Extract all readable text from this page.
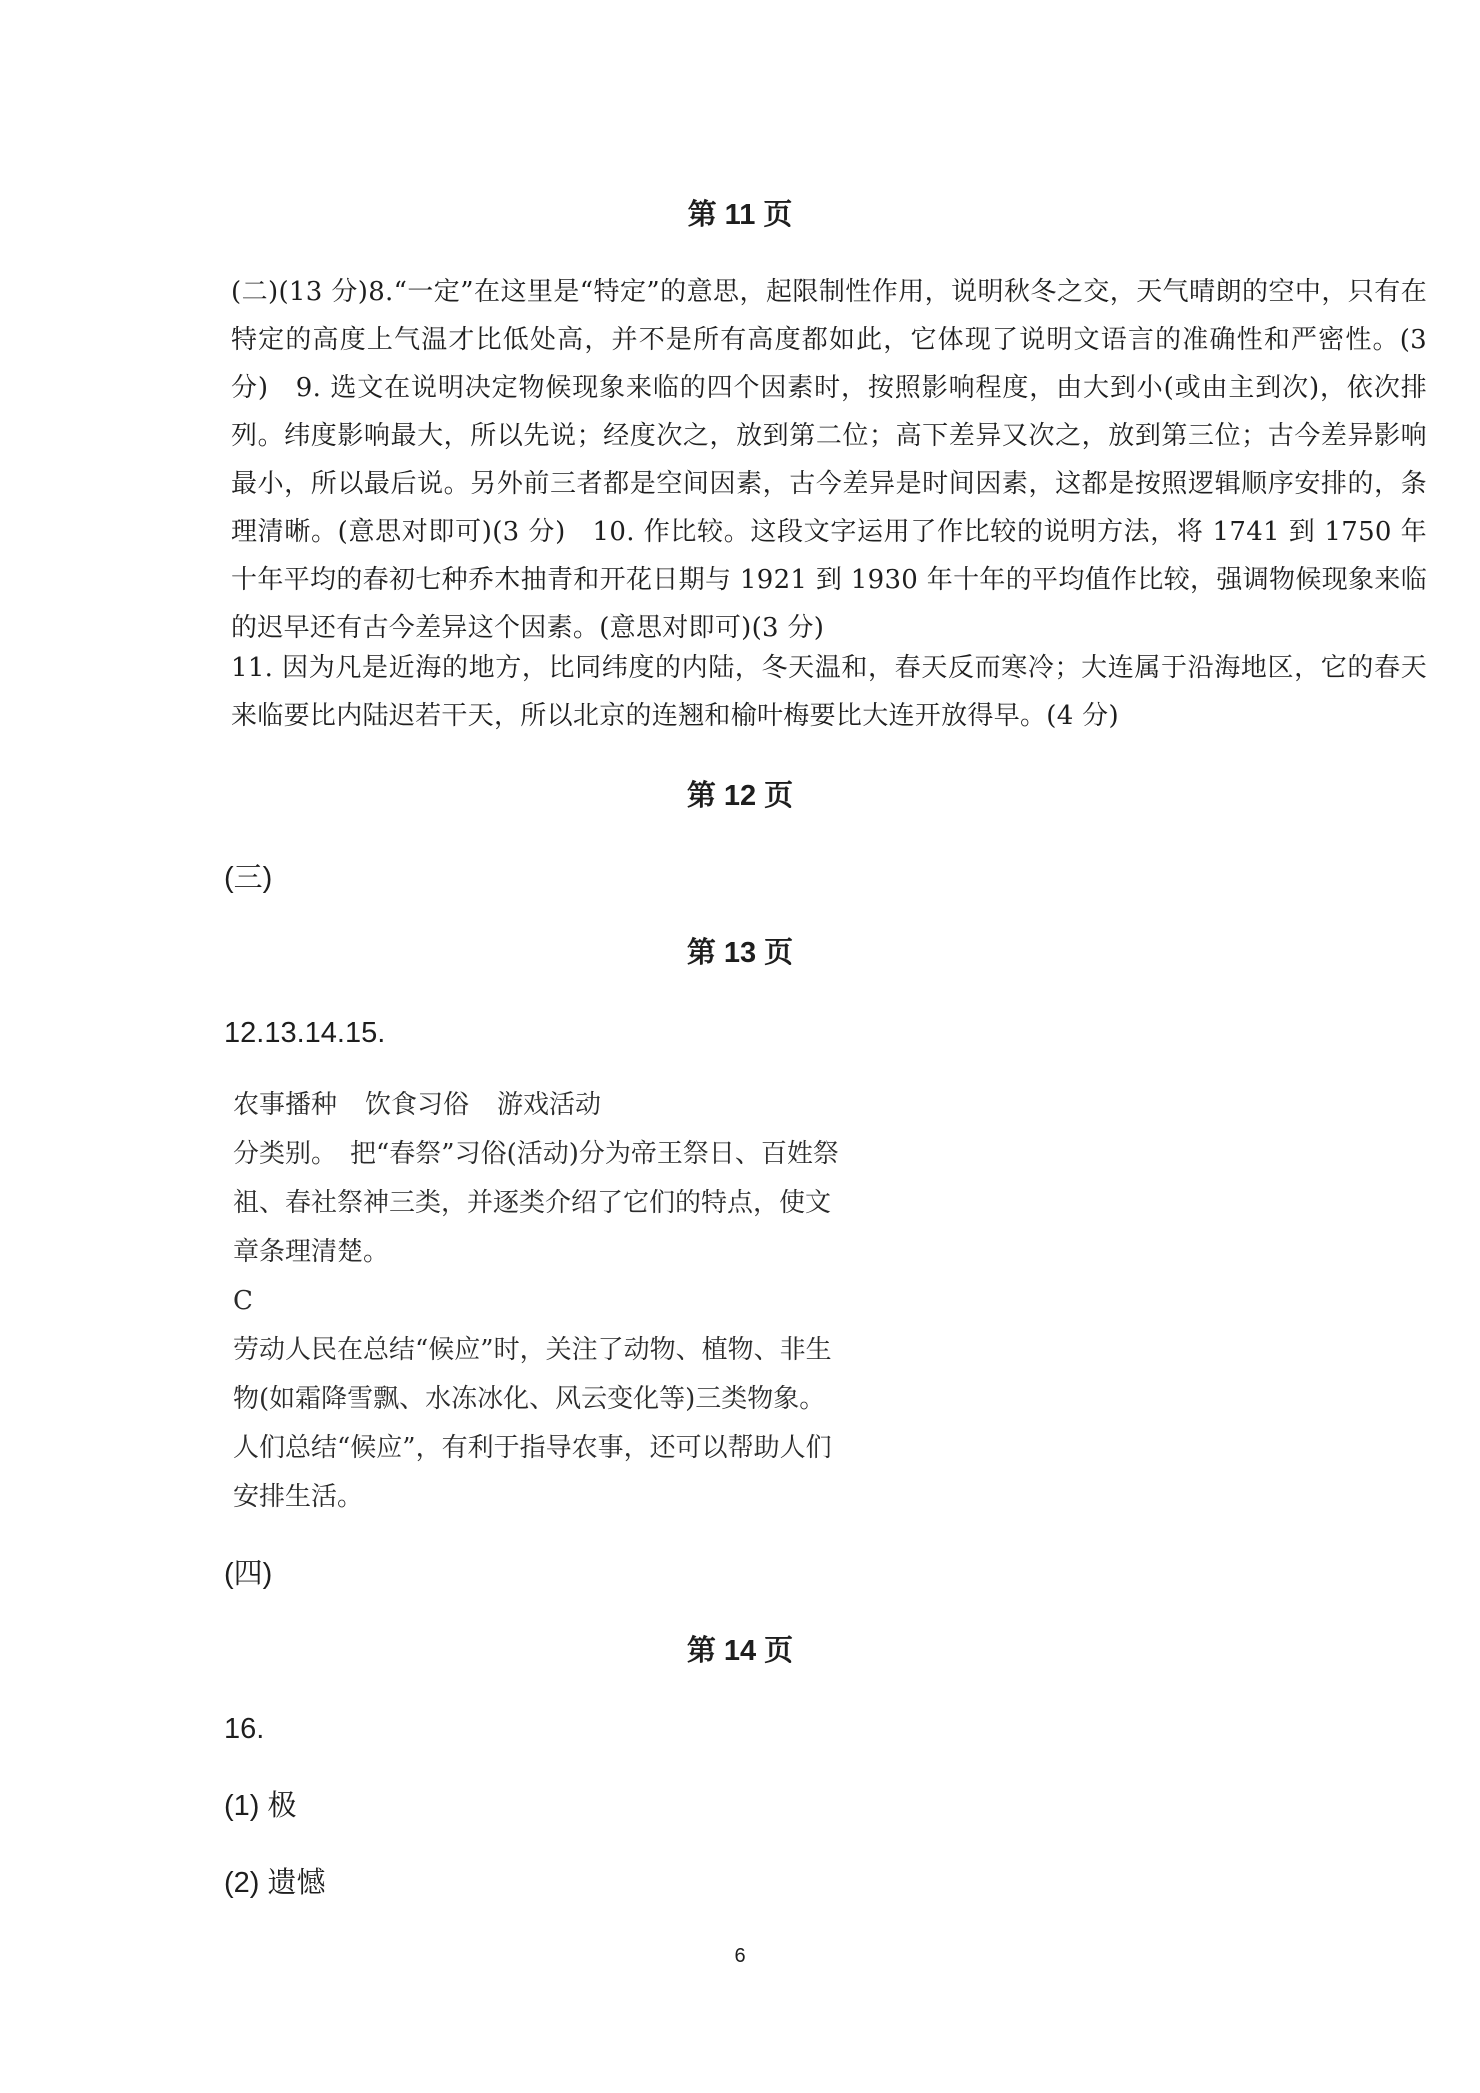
第 11 页

(二)(13 分)8.“一定”在这里是“特定”的意思，起限制性作用，说明秋冬之交，天气晴朗的空中，只有在特定的高度上气温才比低处高，并不是所有高度都如此，它体现了说明文语言的准确性和严密性。(3 分)　9. 选文在说明决定物候现象来临的四个因素时，按照影响程度，由大到小(或由主到次)，依次排列。纬度影响最大，所以先说；经度次之，放到第二位；高下差异又次之，放到第三位；古今差异影响最小，所以最后说。另外前三者都是空间因素，古今差异是时间因素，这都是按照逻辑顺序安排的，条理清晰。(意思对即可)(3 分)　10. 作比较。这段文字运用了作比较的说明方法，将 1741 到 1750 年十年平均的春初七种乔木抽青和开花日期与 1921 到 1930 年十年的平均值作比较，强调物候现象来临的迟早还有古今差异这个因素。(意思对即可)(3 分)

11. 因为凡是近海的地方，比同纬度的内陆，冬天温和，春天反而寒冷；大连属于沿海地区，它的春天来临要比内陆迟若干天，所以北京的连翘和榆叶梅要比大连开放得早。(4 分)

第 12 页

(三)

第 13 页

12.13.14.15.

农事播种 饮食习俗 游戏活动

分类别。　把“春祭”习俗(活动)分为帝王祭日、百姓祭祖、春社祭神三类，并逐类介绍了它们的特点，使文章条理清楚。

C

劳动人民在总结“候应”时，关注了动物、植物、非生物(如霜降雪飘、水冻冰化、风云变化等)三类物象。　人们总结“候应”，有利于指导农事，还可以帮助人们安排生活。

(四)

第 14 页

16.

(1) 极

(2) 遗憾

6
